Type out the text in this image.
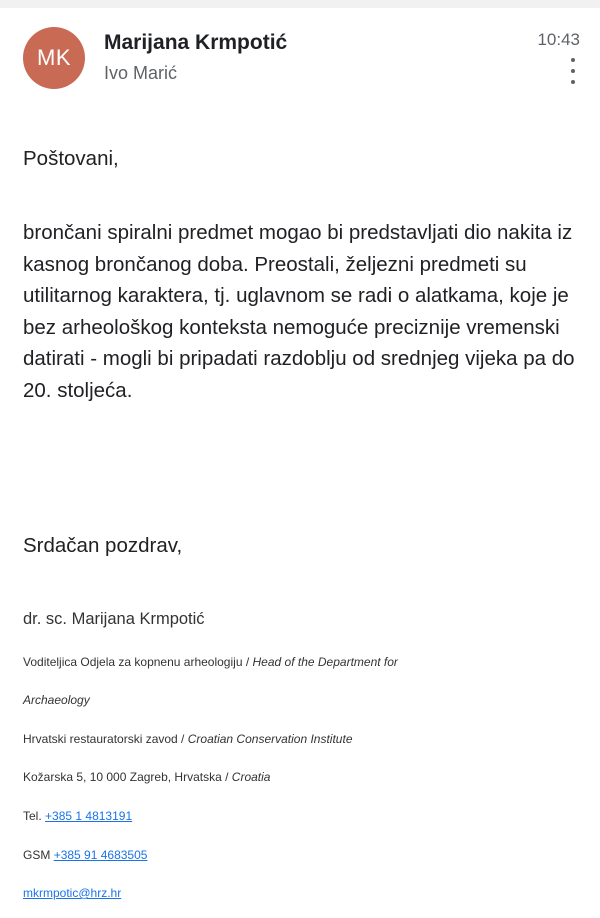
MK
Marijana Krmpotić
Ivo Marić
10:43
Poštovani,
brončani spiralni predmet mogao bi predstavljati dio nakita iz kasnog brončanog doba. Preostali, željezni predmeti su utilitarnog karaktera, tj. uglavnom se radi o alatkama, koje je bez arheološkog konteksta nemoguće preciznije vremenski datirati - mogli bi pripadati razdoblju od srednjeg vijeka pa do 20. stoljeća.
Srdačan pozdrav,
dr. sc. Marijana Krmpotić
Voditeljica Odjela za kopnenu arheologiju / Head of the Department for
Archaeology
Hrvatski restauratorski zavod / Croatian Conservation Institute
Kožarska 5, 10 000 Zagreb, Hrvatska / Croatia
Tel. +385 1 4813191
GSM +385 91 4683505
mkrmpotic@hrz.hr
